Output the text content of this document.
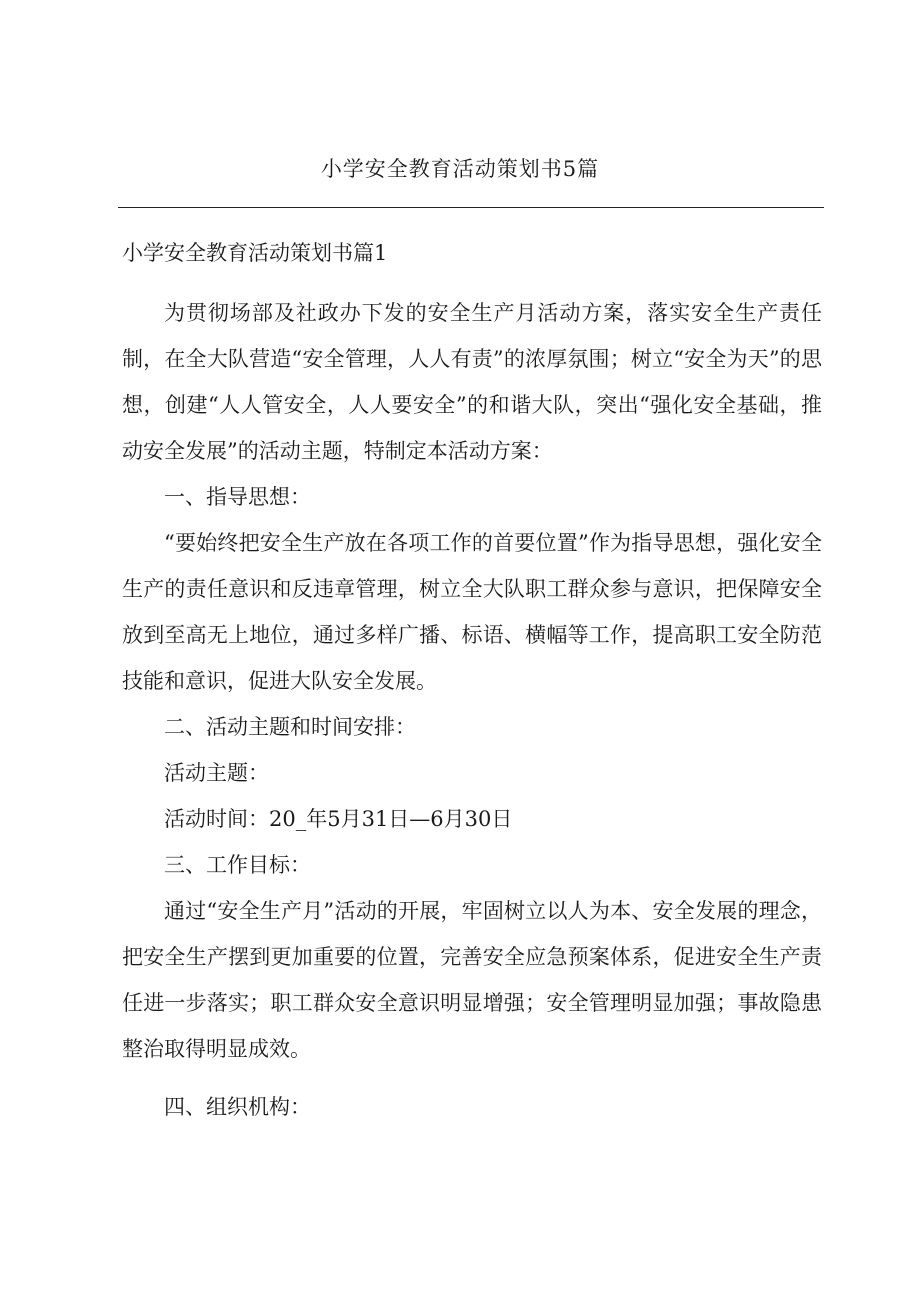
小学安全教育活动策划书5篇

小学安全教育活动策划书篇1

为贯彻场部及社政办下发的安全生产月活动方案，落实安全生产责任制，在全大队营造“安全管理，人人有责”的浓厚氛围；树立“安全为天”的思想，创建“人人管安全，人人要安全”的和谐大队，突出“强化安全基础，推动安全发展”的活动主题，特制定本活动方案：

一、指导思想：

“要始终把安全生产放在各项工作的首要位置”作为指导思想，强化安全生产的责任意识和反违章管理，树立全大队职工群众参与意识，把保障安全放到至高无上地位，通过多样广播、标语、横幅等工作，提高职工安全防范技能和意识，促进大队安全发展。

二、活动主题和时间安排：

活动主题：

活动时间：20_年5月31日—6月30日

三、工作目标：

通过“安全生产月”活动的开展，牢固树立以人为本、安全发展的理念，把安全生产摆到更加重要的位置，完善安全应急预案体系，促进安全生产责任进一步落实；职工群众安全意识明显增强；安全管理明显加强；事故隐患整治取得明显成效。

四、组织机构：
